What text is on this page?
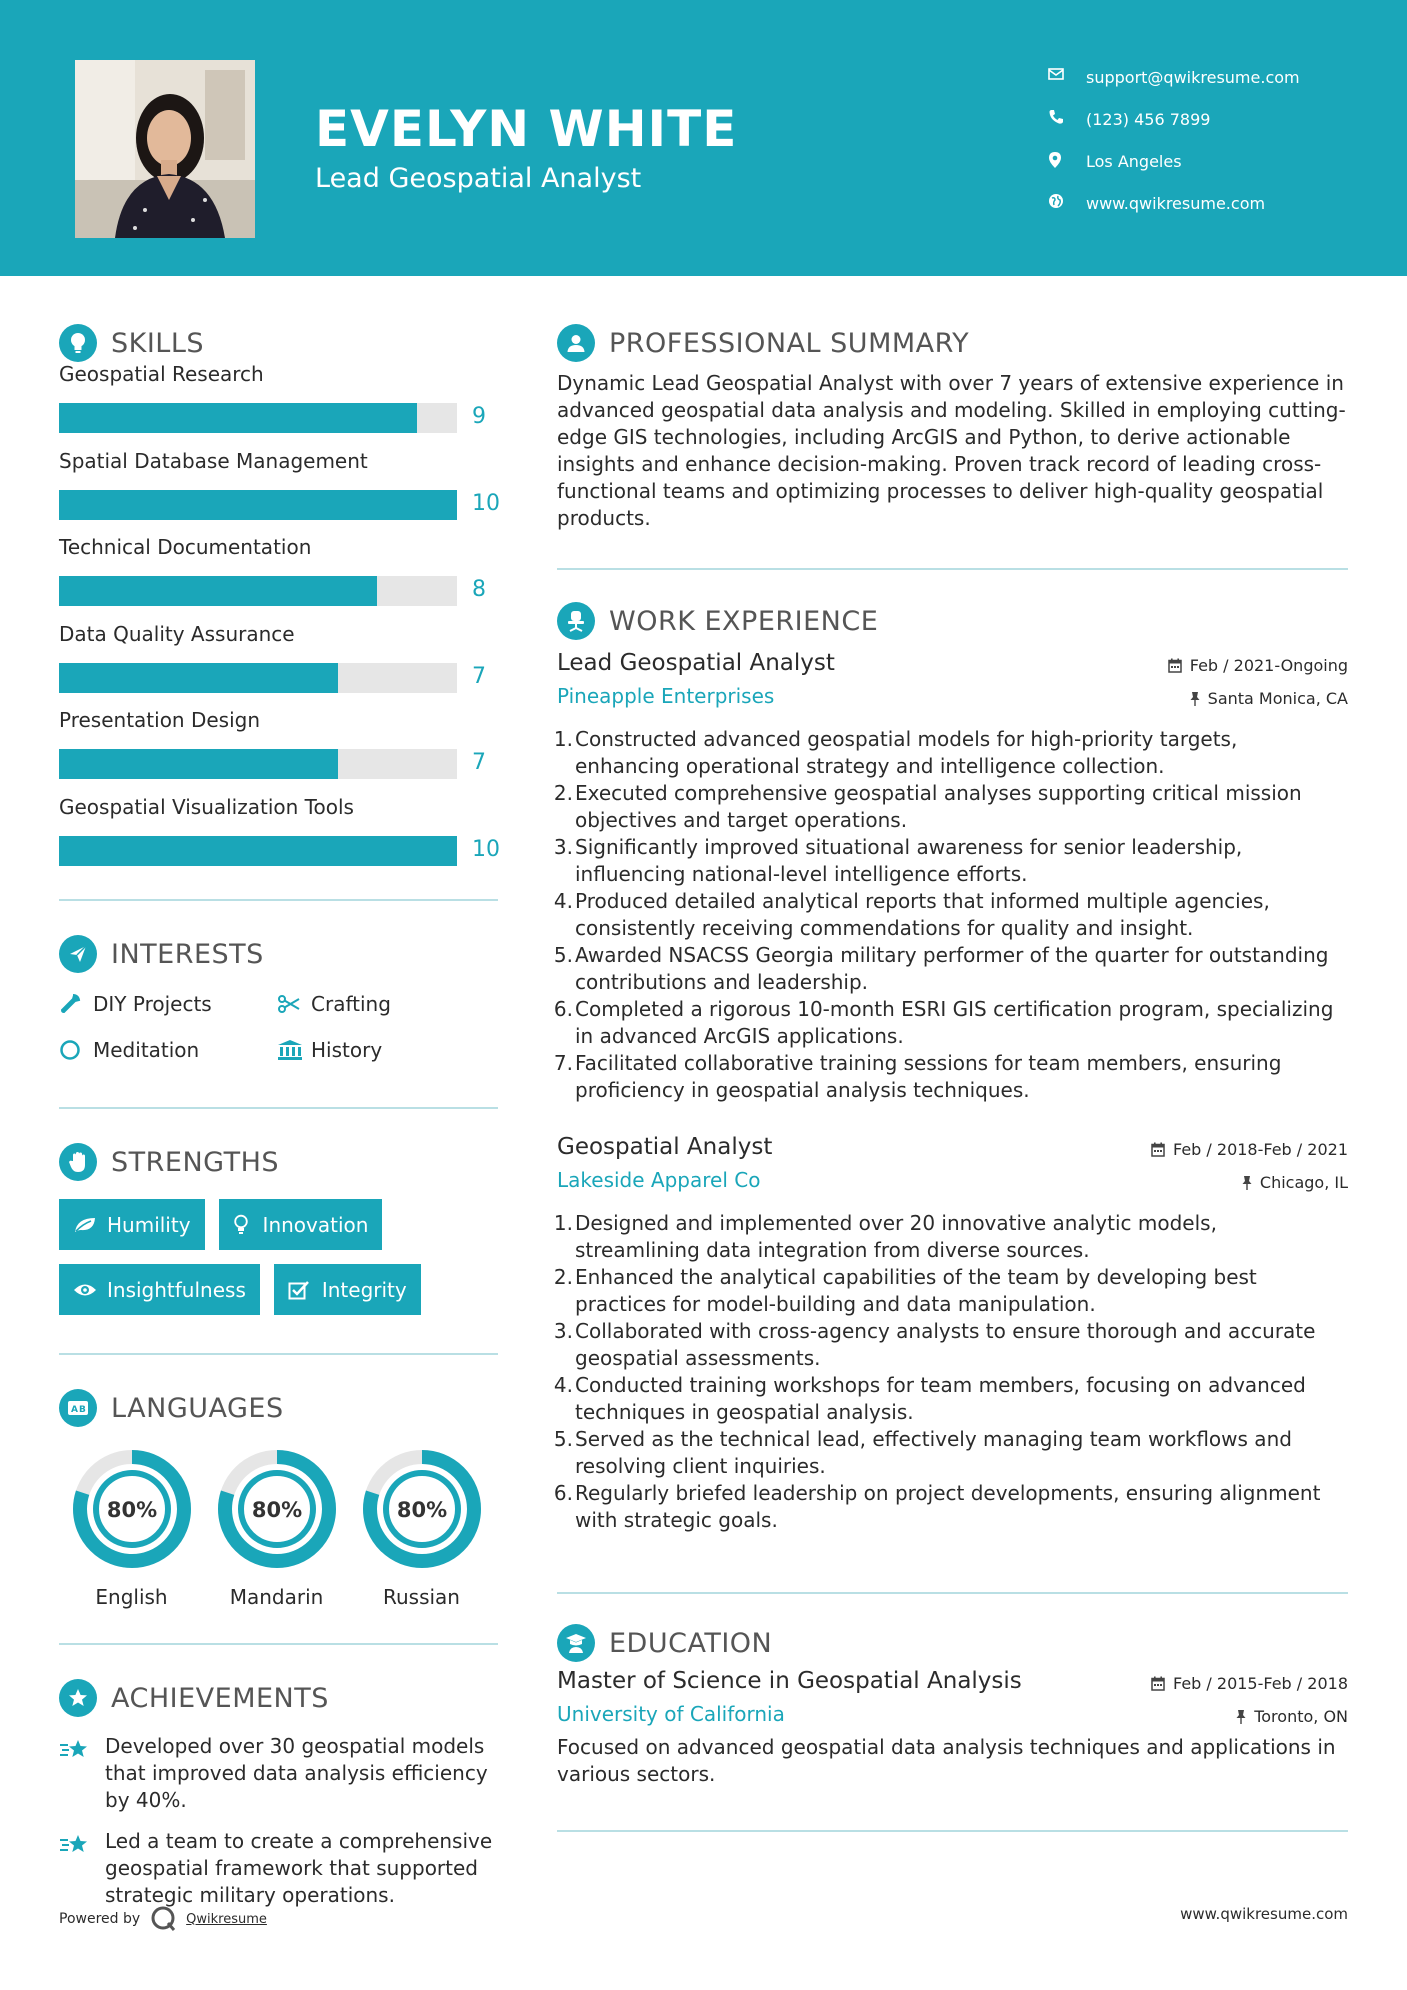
EVELYN WHITE
Lead Geospatial Analyst
support@qwikresume.com
(123) 456 7899
Los Angeles
www.qwikresume.com
SKILLS
Geospatial Research
9
Spatial Database Management
10
Technical Documentation
8
Data Quality Assurance
7
Presentation Design
7
Geospatial Visualization Tools
10
INTERESTS
DIY Projects	Crafting
Meditation	History
STRENGTHS
Humility	Innovation
Insightfulness	Integrity
A B LANGUAGES
80%
English
80%
Mandarin
80%
Russian
ACHIEVEMENTS
Developed over 30 geospatial models that improved data analysis efficiency by 40%.
Led a team to create a comprehensive geospatial framework that supported strategic military operations.
PROFESSIONAL SUMMARY

Dynamic Lead Geospatial Analyst with over 7 years of extensive experience in advanced geospatial data analysis and modeling. Skilled in employing cutting-edge GIS technologies, including ArcGIS and Python, to derive actionable insights and enhance decision-making. Proven track record of leading cross-functional teams and optimizing processes to deliver high-quality geospatial products.

WORK EXPERIENCE
Lead Geospatial Analyst	Feb / 2021-Ongoing
Pineapple Enterprises	Santa Monica, CA
1. Constructed advanced geospatial models for high-priority targets, enhancing operational strategy and intelligence collection.
2. Executed comprehensive geospatial analyses supporting critical mission objectives and target operations.
3. Significantly improved situational awareness for senior leadership, influencing national-level intelligence efforts.
4. Produced detailed analytical reports that informed multiple agencies, consistently receiving commendations for quality and insight.
5. Awarded NSACSS Georgia military performer of the quarter for outstanding contributions and leadership.
6. Completed a rigorous 10-month ESRI GIS certification program, specializing in advanced ArcGIS applications.
7. Facilitated collaborative training sessions for team members, ensuring proficiency in geospatial analysis techniques.
Geospatial Analyst	Feb / 2018-Feb / 2021
Lakeside Apparel Co	Chicago, IL
1. Designed and implemented over 20 innovative analytic models, streamlining data integration from diverse sources.
2. Enhanced the analytical capabilities of the team by developing best practices for model-building and data manipulation.
3. Collaborated with cross-agency analysts to ensure thorough and accurate geospatial assessments.
4. Conducted training workshops for team members, focusing on advanced techniques in geospatial analysis.
5. Served as the technical lead, effectively managing team workflows and resolving client inquiries.
6. Regularly briefed leadership on project developments, ensuring alignment with strategic goals.
EDUCATION
Master of Science in Geospatial Analysis	Feb / 2015-Feb / 2018
University of California	Toronto, ON

Focused on advanced geospatial data analysis techniques and applications in various sectors.

Powered by	Qwikresume	www.qwikresume.com
